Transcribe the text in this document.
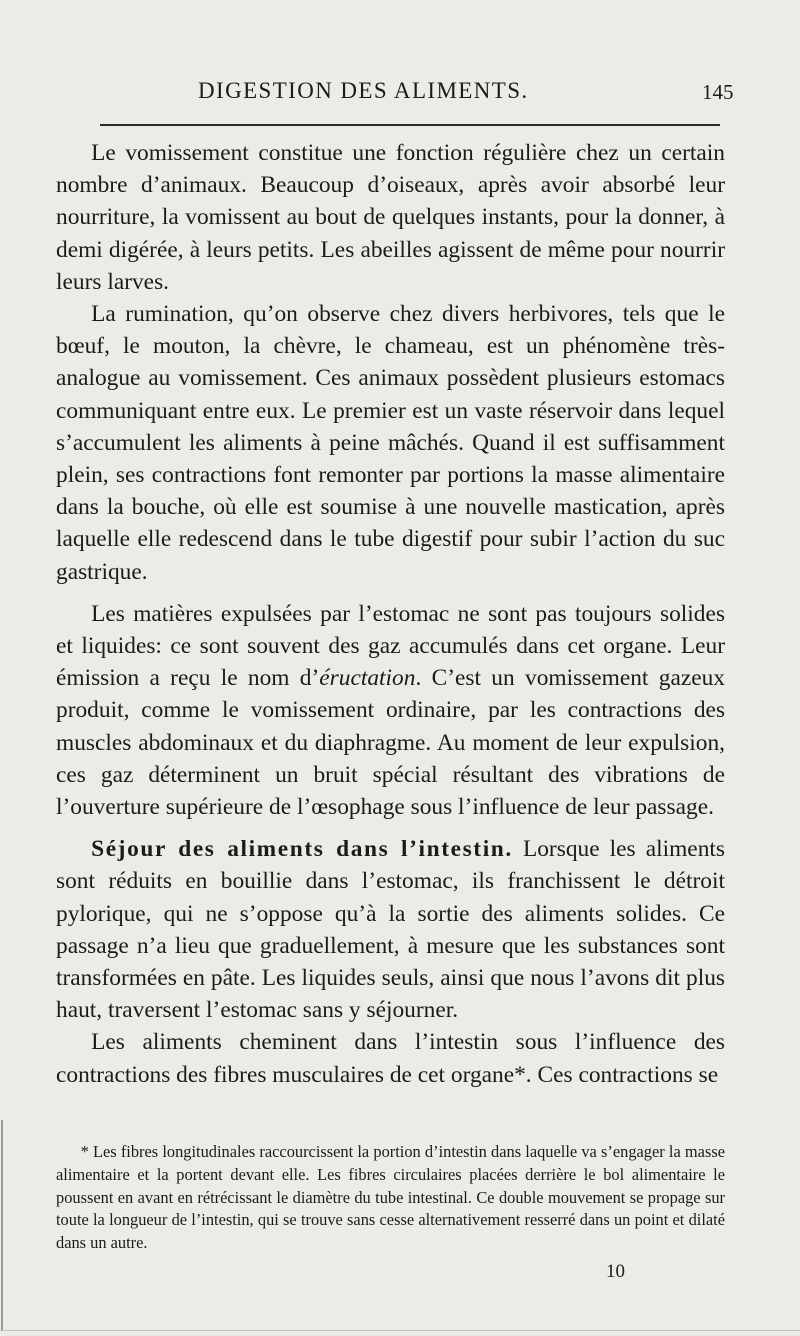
DIGESTION DES ALIMENTS.	145

Le vomissement constitue une fonction régulière chez un certain nombre d’animaux. Beaucoup d’oiseaux, après avoir absorbé leur nourriture, la vomissent au bout de quelques instants, pour la donner, à demi digérée, à leurs petits. Les abeilles agissent de même pour nourrir leurs larves.

La rumination, qu’on observe chez divers herbivores, tels que le bœuf, le mouton, la chèvre, le chameau, est un phénomène très-analogue au vomissement. Ces animaux possèdent plusieurs estomacs communiquant entre eux. Le premier est un vaste réservoir dans lequel s’accumulent les aliments à peine mâchés. Quand il est suffisamment plein, ses contractions font remonter par portions la masse alimentaire dans la bouche, où elle est soumise à une nouvelle mastication, après laquelle elle redescend dans le tube digestif pour subir l’action du suc gastrique.

Les matières expulsées par l’estomac ne sont pas toujours solides et liquides: ce sont souvent des gaz accumulés dans cet organe. Leur émission a reçu le nom d’éructation. C’est un vomissement gazeux produit, comme le vomissement ordinaire, par les contractions des muscles abdominaux et du diaphragme. Au moment de leur expulsion, ces gaz déterminent un bruit spécial résultant des vibrations de l’ouverture supérieure de l’œsophage sous l’influence de leur passage.

Séjour des aliments dans l’intestin. Lorsque les aliments sont réduits en bouillie dans l’estomac, ils franchissent le détroit pylorique, qui ne s’oppose qu’à la sortie des aliments solides. Ce passage n’a lieu que graduellement, à mesure que les substances sont transformées en pâte. Les liquides seuls, ainsi que nous l’avons dit plus haut, traversent l’estomac sans y séjourner.

Les aliments cheminent dans l’intestin sous l’influence des contractions des fibres musculaires de cet organe*. Ces contractions se

* Les fibres longitudinales raccourcissent la portion d’intestin dans laquelle va s’engager la masse alimentaire et la portent devant elle. Les fibres circulaires placées derrière le bol alimentaire le poussent en avant en rétrécissant le diamètre du tube intestinal. Ce double mouvement se propage sur toute la longueur de l’intestin, qui se trouve sans cesse alternativement resserré dans un point et dilaté dans un autre.

10
